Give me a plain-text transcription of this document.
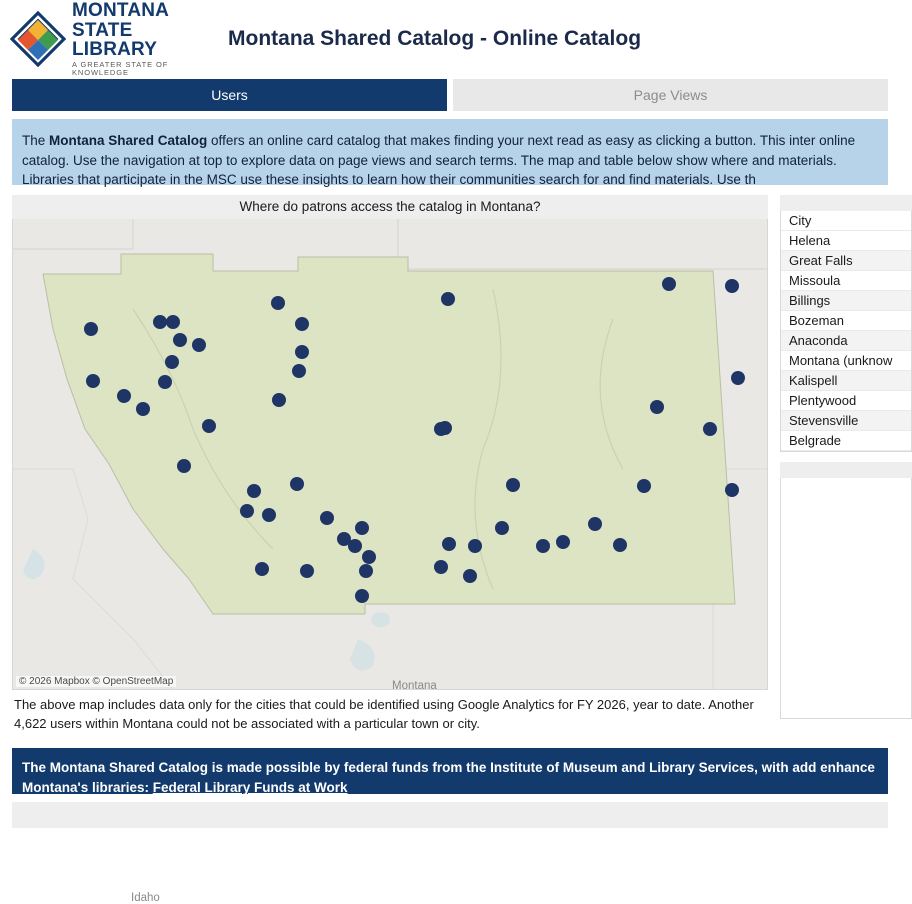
MONTANA
STATE LIBRARY
A GREATER STATE OF KNOWLEDGE
Montana Shared Catalog - Online Catalog
Users	Page Views
The Montana Shared Catalog offers an online card catalog that makes finding your next read as easy as clicking a button. This inter online catalog. Use the navigation at top to explore data on page views and search terms. The map and table below show where and materials. Libraries that participate in the MSC use these insights to learn how their communities search for and find materials. Use th
Where do patrons access the catalog in Montana?
Montana
Idaho
© 2026 Mapbox © OpenStreetMap
The above map includes data only for the cities that could be identified using Google Analytics for FY 2026, year to date. Another 4,622 users within Montana could not be associated with a particular town or city.
City
Helena
Great Falls
Missoula
Billings
Bozeman
Anaconda
Montana (unknow
Kalispell
Plentywood
Stevensville
Belgrade
The Montana Shared Catalog is made possible by federal funds from the Institute of Museum and Library Services, with add enhance Montana's libraries: Federal Library Funds at Work
